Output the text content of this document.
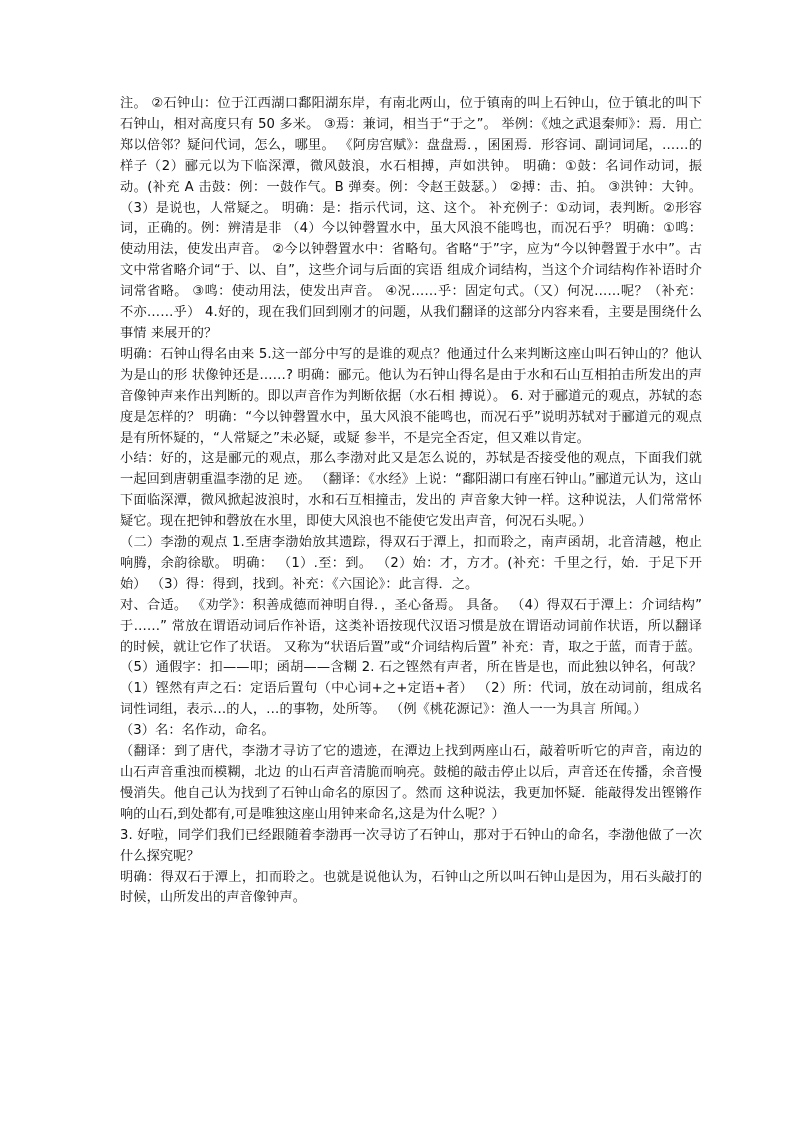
注。 ②石钟山：位于江西湖口鄱阳湖东岸，有南北两山，位于镇南的叫上石钟山，位于镇北的叫下石钟山，相对高度只有 50 多米。 ③焉：兼词，相当于“于之”。 举例：《烛之武退秦师》：焉．用亡郑以倍邻？疑问代词，怎么，哪里。 《阿房宫赋》：盘盘焉．，囷囷焉．形容词、副词词尾，……的样子（2）郦元以为下临深潭，微风鼓浪，水石相搏，声如洪钟。 明确：①鼓：名词作动词，振动。(补充 A 击鼓：例：一鼓作气。B 弹奏。例：令赵王鼓瑟。） ②搏：击、拍。 ③洪钟：大钟。 （3）是说也，人常疑之。 明确：是：指示代词，这、这个。 补充例子：①动词，表判断。②形容词，正确的。例：辨清是非 （4）今以钟磬置水中，虽大风浪不能鸣也，而况石乎？ 明确：①鸣：使动用法，使发出声音。 ②今以钟磬置水中：省略句。省略“于”字，应为“今以钟磬置于水中”。古文中常省略介词“于、以、自”，这些介词与后面的宾语 组成介词结构，当这个介词结构作补语时介词常省略。 ③鸣：使动用法，使发出声音。 ④况……乎：固定句式。（又）何况……呢？（补充：不亦……乎） 4.好的，现在我们回到刚才的问题，从我们翻译的这部分内容来看，主要是围绕什么事情 来展开的？

明确：石钟山得名由来 5.这一部分中写的是谁的观点？他通过什么来判断这座山叫石钟山的？他认为是山的形 状像钟还是……? 明确：郦元。他认为石钟山得名是由于水和石山互相拍击所发出的声音像钟声来作出判断的。即以声音作为判断依据（水石相 搏说）。 6. 对于郦道元的观点，苏轼的态度是怎样的？ 明确：“今以钟磬置水中，虽大风浪不能鸣也，而况石乎”说明苏轼对于郦道元的观点是有所怀疑的，“人常疑之”未必疑，或疑 参半，不是完全否定，但又难以肯定。

小结：好的，这是郦元的观点，那么李渤对此又是怎么说的，苏轼是否接受他的观点，下面我们就一起回到唐朝重温李渤的足 迹。 （翻译：《水经》上说：“鄱阳湖口有座石钟山。”郦道元认为，这山下面临深潭，微风掀起波浪时，水和石互相撞击，发出的 声音象大钟一样。这种说法，人们常常怀疑它。现在把钟和磬放在水里，即使大风浪也不能使它发出声音，何况石头呢。）

（二）李渤的观点 1.至唐李渤始放其遗踪，得双石于潭上，扣而聆之，南声函胡，北音清越，枹止响腾，余韵徐歇。 明确： （1）.至：到。 （2）始：才，方才。(补充：千里之行，始．于足下开始） （3）得：得到，找到。补充：《六国论》：此言得．之。

对、合适。 《劝学》：积善成德而神明自得．，圣心备焉。 具备。 （4）得双石于潭上：介词结构” 于……” 常放在谓语动词后作补语，这类补语按现代汉语习惯是放在谓语动词前作状语，所以翻译的时候，就让它作了状语。 又称为“状语后置”或“介词结构后置” 补充：青，取之于蓝，而青于蓝。

（5）通假字：扣——叩；函胡——含糊 2. 石之铿然有声者，所在皆是也，而此独以钟名，何哉？ （1）铿然有声之石：定语后置句（中心词+之+定语+者） （2）所：代词，放在动词前，组成名词性词组，表示…的人，…的事物，处所等。 （例《桃花源记》：渔人一一为具言 所闻。）

（3）名：名作动，命名。

（翻译：到了唐代，李渤才寻访了它的遗迹，在潭边上找到两座山石，敲着听听它的声音，南边的山石声音重浊而模糊，北边 的山石声音清脆而响亮。鼓槌的敲击停止以后，声音还在传播，余音慢慢消失。他自己认为找到了石钟山命名的原因了。然而 这种说法，我更加怀疑．能敲得发出铿锵作响的山石,到处都有,可是唯独这座山用钟来命名,这是为什么呢？）

3. 好啦，同学们我们已经跟随着李渤再一次寻访了石钟山，那对于石钟山的命名，李渤他做了一次什么探究呢？

明确：得双石于潭上，扣而聆之。也就是说他认为，石钟山之所以叫石钟山是因为，用石头敲打的时候，山所发出的声音像钟声。
